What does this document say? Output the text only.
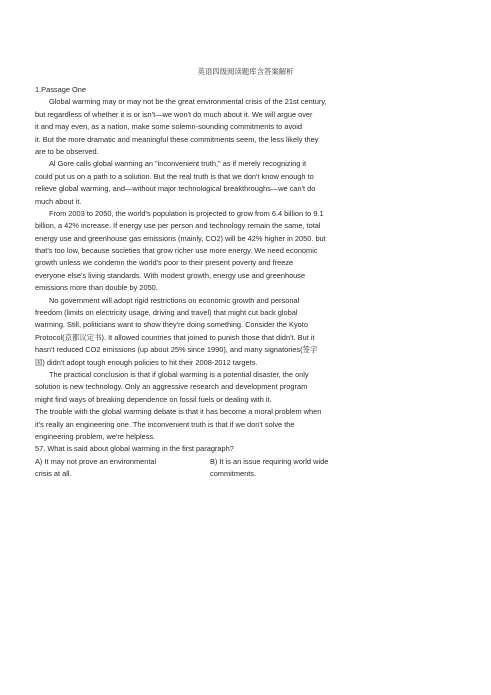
英语四级阅读题库含答案解析
1.Passage One
Global warming may or may not be the great environmental crisis of the 21st century,
but regardless of whether it is or isn't—we won't do much about it. We will argue over
it and may even, as a nation, make some solemn-sounding commitments to avoid
it. But the more dramatic and meaningful these commitments seem, the less likely they
are to be observed.
Al Gore calls global warming an "inconvenient truth," as if merely recognizing it
could put us on a path to a solution. But the real truth is that we don't know enough to
relieve global warming, and—without major technological breakthroughs—we can't do
much about it.
From 2003 to 2050, the world's population is projected to grow from 6.4 billion to 9.1
billion, a 42% increase. If energy use per person and technology remain the same, total
energy use and greenhouse gas emissions (mainly, CO2) will be 42% higher in 2050. but
that's too low, because societies that grow richer use more energy. We need economic
growth unless we condemn the world's poor to their present poverty and freeze
everyone else's living standards. With modest growth, energy use and greenhouse
emissions more than double by 2050.
No government will adopt rigid restrictions on economic growth and personal
freedom (limits on electricity usage, driving and travel) that might cut back global
warming. Still, politicians want to show they're doing something. Consider the Kyoto
Protocol(京都议定书). It allowed countries that joined to punish those that didn't. But it
hasn't reduced CO2 emissions (up about 25% since 1990), and many signatories(签字
国) didn't adopt tough enough policies to hit their 2008-2012 targets.
The practical conclusion is that if global warming is a potential disaster, the only
solution is new technology. Only an aggressive research and development program
might find ways of breaking dependence on fossil fuels or dealing with it.
The trouble with the global warming debate is that it has become a moral problem when
it's really an engineering one. The inconvenient truth is that if we don't solve the
engineering problem, we're helpless.
57. What is said about global warming in the first paragraph?
A) It may not prove an environmental
crisis at all.
B) It is an issue requiring world wide
commitments.
